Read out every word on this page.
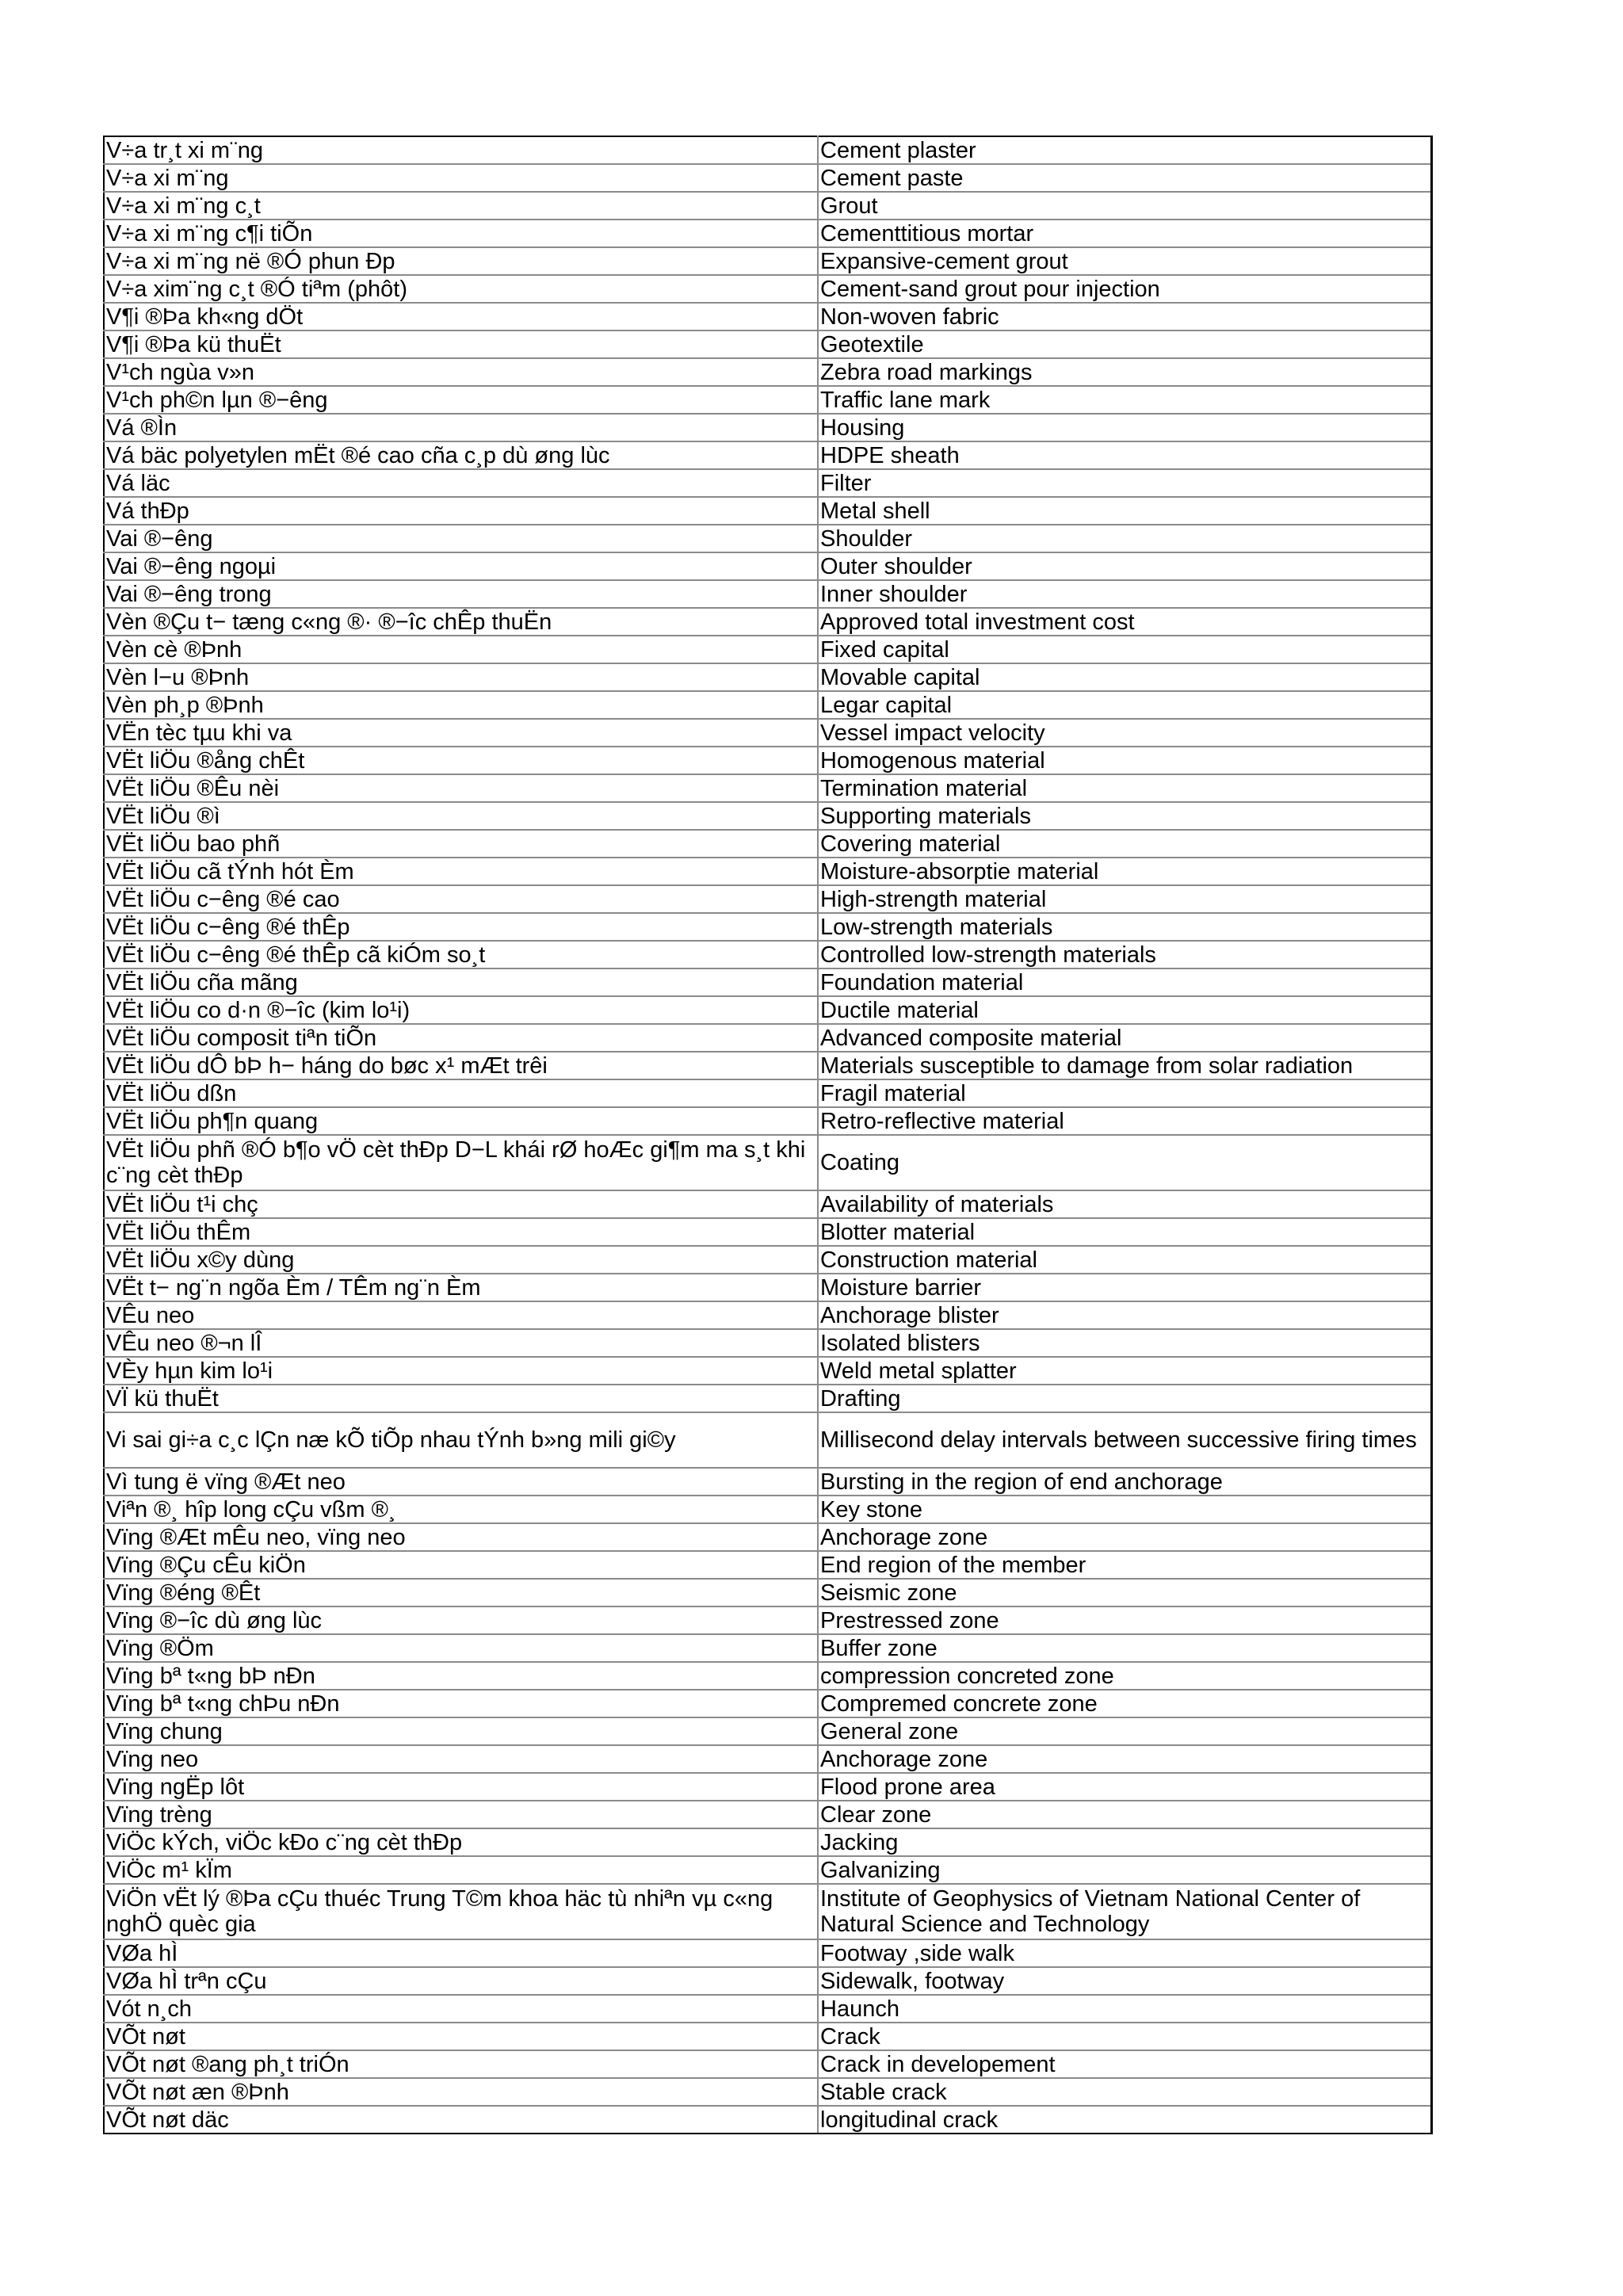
V÷a tr¸t xi m¨ng	Cement plaster
V÷a xi m¨ng	Cement paste
V÷a xi m¨ng c¸t	Grout
V÷a xi m¨ng c¶i tiÕn	Cementtitious mortar
V÷a xi m¨ng në ®Ó phun Ðp	Expansive-cement grout
V÷a xim¨ng c¸t ®Ó tiªm (phôt)	Cement-sand grout pour injection
V¶i ®Þa kh«ng dÖt	Non-woven fabric
V¶i ®Þa kü thuËt	Geotextile
V¹ch ngùa v»n	Zebra road markings
V¹ch ph©n lµn ®−êng	Traffic lane mark
Vá ®Ìn	Housing
Vá bäc polyetylen mËt ®é cao cña c¸p dù øng lùc	HDPE sheath
Vá läc	Filter
Vá thÐp	Metal shell
Vai ®−êng	Shoulder
Vai ®−êng ngoµi	Outer shoulder
Vai ®−êng trong	Inner shoulder
Vèn ®Çu t− tæng c«ng ®· ®−îc chÊp thuËn	Approved total investment cost
Vèn cè ®Þnh	Fixed capital
Vèn l−u ®Þnh	Movable capital
Vèn ph¸p ®Þnh	Legar capital
VËn tèc tµu khi va	Vessel impact velocity
VËt liÖu ®ång chÊt	Homogenous material
VËt liÖu ®Êu nèi	Termination material
VËt liÖu ®ì	Supporting materials
VËt liÖu bao phñ	Covering material
VËt liÖu cã tÝnh hót Èm	Moisture-absorptie material
VËt liÖu c−êng ®é cao	High-strength material
VËt liÖu c−êng ®é thÊp	Low-strength materials
VËt liÖu c−êng ®é thÊp cã kiÓm so¸t	Controlled low-strength materials
VËt liÖu cña mãng	Foundation material
VËt liÖu co d·n ®−îc (kim lo¹i)	Ductile material
VËt liÖu composit tiªn tiÕn	Advanced composite material
VËt liÖu dÔ bÞ h− háng do bøc x¹ mÆt trêi	Materials susceptible to damage from solar radiation
VËt liÖu dßn	Fragil material
VËt liÖu ph¶n quang	Retro-reflective material
VËt liÖu phñ ®Ó b¶o vÖ cèt thÐp D−L khái rØ hoÆc gi¶m ma s¸t khi c¨ng cèt thÐp	Coating
VËt liÖu t¹i chç	Availability of materials
VËt liÖu thÊm	Blotter material
VËt liÖu x©y dùng	Construction material
VËt t− ng¨n ngõa Èm / TÊm ng¨n Èm	Moisture barrier
VÊu neo	Anchorage blister
VÊu neo ®¬n lÎ	Isolated blisters
VÈy hµn kim lo¹i	Weld metal splatter
VÏ kü thuËt	Drafting
Vi sai gi÷a c¸c lÇn næ kÕ tiÕp nhau tÝnh b»ng mili gi©y	Millisecond delay intervals between successive firing times
Vì tung ë vïng ®Æt neo	Bursting in the region of end anchorage
Viªn ®¸ hîp long cÇu vßm ®¸	Key stone
Vïng ®Æt mÊu neo, vïng neo	Anchorage zone
Vïng ®Çu cÊu kiÖn	End region of the member
Vïng ®éng ®Êt	Seismic zone
Vïng ®−îc dù øng lùc	Prestressed zone
Vïng ®Öm	Buffer zone
Vïng bª t«ng bÞ nÐn	compression concreted zone
Vïng bª t«ng chÞu nÐn	Compremed concrete zone
Vïng chung	General zone
Vïng neo	Anchorage zone
Vïng ngËp lôt	Flood prone area
Vïng trèng	Clear zone
ViÖc kÝch, viÖc kÐo c¨ng cèt thÐp	Jacking
ViÖc m¹ kÏm	Galvanizing
ViÖn vËt lý ®Þa cÇu thuéc Trung T©m khoa häc tù nhiªn vµ c«ng nghÖ quèc gia	Institute of Geophysics of Vietnam National Center of Natural Science and Technology
VØa hÌ	Footway ,side walk
VØa hÌ trªn cÇu	Sidewalk, footway
Vót n¸ch	Haunch
VÕt nøt	Crack
VÕt nøt ®ang ph¸t triÓn	Crack in developement
VÕt nøt æn ®Þnh	Stable crack
VÕt nøt däc	longitudinal crack
